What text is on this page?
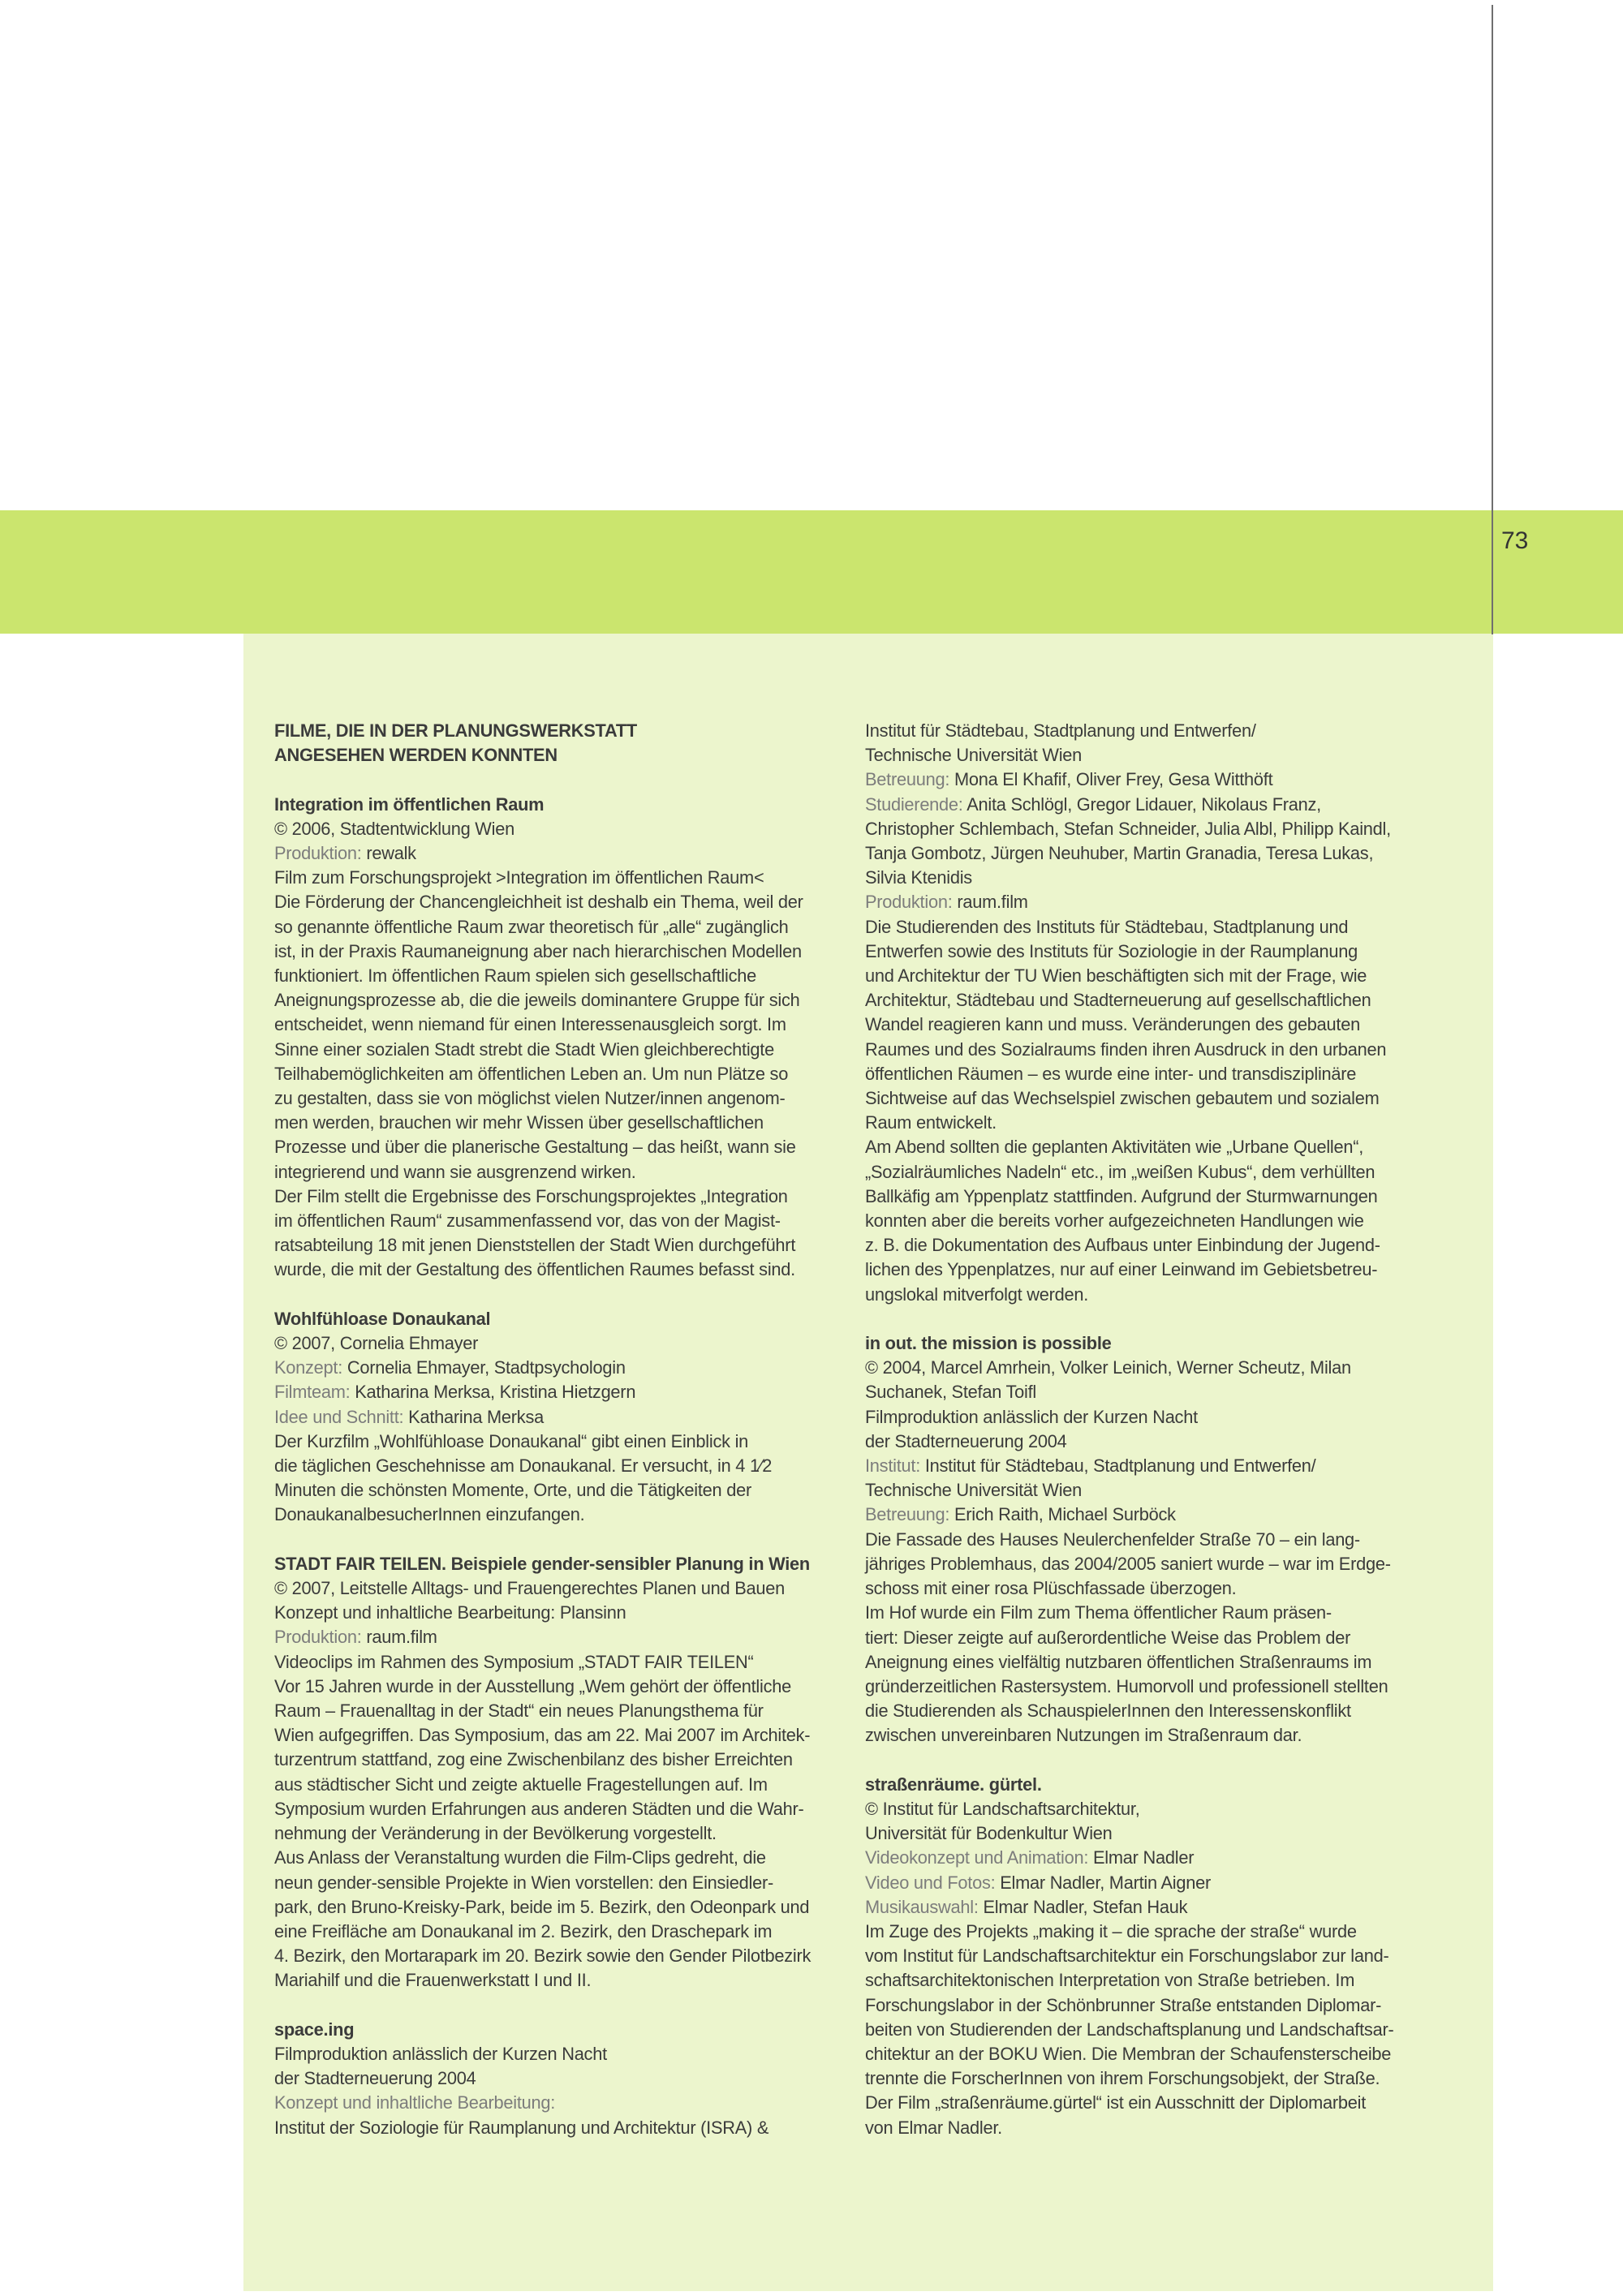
73
FILME, DIE IN DER PLANUNGSWERKSTATT
ANGESEHEN WERDEN KONNTEN
Integration im öffentlichen Raum
© 2006, Stadtentwicklung Wien
Produktion: rewalk
Film zum Forschungsprojekt >Integration im öffentlichen Raum<
Die Förderung der Chancengleichheit ist deshalb ein Thema, weil der
so genannte öffentliche Raum zwar theoretisch für „alle“ zugänglich
ist, in der Praxis Raumaneignung aber nach hierarchischen Modellen
funktioniert. Im öffentlichen Raum spielen sich gesellschaftliche
Aneignungsprozesse ab, die die jeweils dominantere Gruppe für sich
entscheidet, wenn niemand für einen Interessenausgleich sorgt. Im
Sinne einer sozialen Stadt strebt die Stadt Wien gleichberechtigte
Teilhabemöglichkeiten am öffentlichen Leben an. Um nun Plätze so
zu gestalten, dass sie von möglichst vielen Nutzer/innen angenom-
men werden, brauchen wir mehr Wissen über gesellschaftlichen
Prozesse und über die planerische Gestaltung – das heißt, wann sie
integrierend und wann sie ausgrenzend wirken.
Der Film stellt die Ergebnisse des Forschungsprojektes „Integration
im öffentlichen Raum“ zusammenfassend vor, das von der Magist-
ratsabteilung 18 mit jenen Dienststellen der Stadt Wien durchgeführt
wurde, die mit der Gestaltung des öffentlichen Raumes befasst sind.
Wohlfühloase Donaukanal
© 2007, Cornelia Ehmayer
Konzept: Cornelia Ehmayer, Stadtpsychologin
Filmteam: Katharina Merksa, Kristina Hietzgern
Idee und Schnitt: Katharina Merksa
Der Kurzfilm „Wohlfühloase Donaukanal“ gibt einen Einblick in
die täglichen Geschehnisse am Donaukanal. Er versucht, in 4 1⁄2
Minuten die schönsten Momente, Orte, und die Tätigkeiten der
DonaukanalbesucherInnen einzufangen.
STADT FAIR TEILEN. Beispiele gender-sensibler Planung in Wien
© 2007, Leitstelle Alltags- und Frauengerechtes Planen und Bauen
Konzept und inhaltliche Bearbeitung: Plansinn
Produktion: raum.film
Videoclips im Rahmen des Symposium „STADT FAIR TEILEN“
Vor 15 Jahren wurde in der Ausstellung „Wem gehört der öffentliche
Raum – Frauenalltag in der Stadt“ ein neues Planungsthema für
Wien aufgegriffen. Das Symposium, das am 22. Mai 2007 im Architek-
turzentrum stattfand, zog eine Zwischenbilanz des bisher Erreichten
aus städtischer Sicht und zeigte aktuelle Fragestellungen auf. Im
Symposium wurden Erfahrungen aus anderen Städten und die Wahr-
nehmung der Veränderung in der Bevölkerung vorgestellt.
Aus Anlass der Veranstaltung wurden die Film-Clips gedreht, die
neun gender-sensible Projekte in Wien vorstellen: den Einsiedler-
park, den Bruno-Kreisky-Park, beide im 5. Bezirk, den Odeonpark und
eine Freifläche am Donaukanal im 2. Bezirk, den Draschepark im
4. Bezirk, den Mortarapark im 20. Bezirk sowie den Gender Pilotbezirk
Mariahilf und die Frauenwerkstatt I und II.
space.ing
Filmproduktion anlässlich der Kurzen Nacht
der Stadterneuerung 2004
Konzept und inhaltliche Bearbeitung:
Institut der Soziologie für Raumplanung und Architektur (ISRA) &
Institut für Städtebau, Stadtplanung und Entwerfen/
Technische Universität Wien
Betreuung: Mona El Khafif, Oliver Frey, Gesa Witthöft
Studierende: Anita Schlögl, Gregor Lidauer, Nikolaus Franz,
Christopher Schlembach, Stefan Schneider, Julia Albl, Philipp Kaindl,
Tanja Gombotz, Jürgen Neuhuber, Martin Granadia, Teresa Lukas,
Silvia Ktenidis
Produktion: raum.film
Die Studierenden des Instituts für Städtebau, Stadtplanung und
Entwerfen sowie des Instituts für Soziologie in der Raumplanung
und Architektur der TU Wien beschäftigten sich mit der Frage, wie
Architektur, Städtebau und Stadterneuerung auf gesellschaftlichen
Wandel reagieren kann und muss. Veränderungen des gebauten
Raumes und des Sozialraums finden ihren Ausdruck in den urbanen
öffentlichen Räumen – es wurde eine inter- und transdisziplinäre
Sichtweise auf das Wechselspiel zwischen gebautem und sozialem
Raum entwickelt.
Am Abend sollten die geplanten Aktivitäten wie „Urbane Quellen“,
„Sozialräumliches Nadeln“ etc., im „weißen Kubus“, dem verhüllten
Ballkäfig am Yppenplatz stattfinden. Aufgrund der Sturmwarnungen
konnten aber die bereits vorher aufgezeichneten Handlungen wie
z. B. die Dokumentation des Aufbaus unter Einbindung der Jugend-
lichen des Yppenplatzes, nur auf einer Leinwand im Gebietsbetreu-
ungslokal mitverfolgt werden.
in out. the mission is possible
© 2004, Marcel Amrhein, Volker Leinich, Werner Scheutz, Milan
Suchanek, Stefan Toifl
Filmproduktion anlässlich der Kurzen Nacht
der Stadterneuerung 2004
Institut: Institut für Städtebau, Stadtplanung und Entwerfen/
Technische Universität Wien
Betreuung: Erich Raith, Michael Surböck
Die Fassade des Hauses Neulerchenfelder Straße 70 – ein lang-
jähriges Problemhaus, das 2004/2005 saniert wurde – war im Erdge-
schoss mit einer rosa Plüschfassade überzogen.
Im Hof wurde ein Film zum Thema öffentlicher Raum präsen-
tiert: Dieser zeigte auf außerordentliche Weise das Problem der
Aneignung eines vielfältig nutzbaren öffentlichen Straßenraums im
gründerzeitlichen Rastersystem. Humorvoll und professionell stellten
die Studierenden als SchauspielerInnen den Interessenskonflikt
zwischen unvereinbaren Nutzungen im Straßenraum dar.
straßenräume. gürtel.
© Institut für Landschaftsarchitektur,
Universität für Bodenkultur Wien
Videokonzept und Animation: Elmar Nadler
Video und Fotos: Elmar Nadler, Martin Aigner
Musikauswahl: Elmar Nadler, Stefan Hauk
Im Zuge des Projekts „making it – die sprache der straße“ wurde
vom Institut für Landschaftsarchitektur ein Forschungslabor zur land-
schaftsarchitektonischen Interpretation von Straße betrieben. Im
Forschungslabor in der Schönbrunner Straße entstanden Diplomar-
beiten von Studierenden der Landschaftsplanung und Landschaftsar-
chitektur an der BOKU Wien. Die Membran der Schaufensterscheibe
trennte die ForscherInnen von ihrem Forschungsobjekt, der Straße.
Der Film „straßenräume.gürtel“ ist ein Ausschnitt der Diplomarbeit
von Elmar Nadler.
